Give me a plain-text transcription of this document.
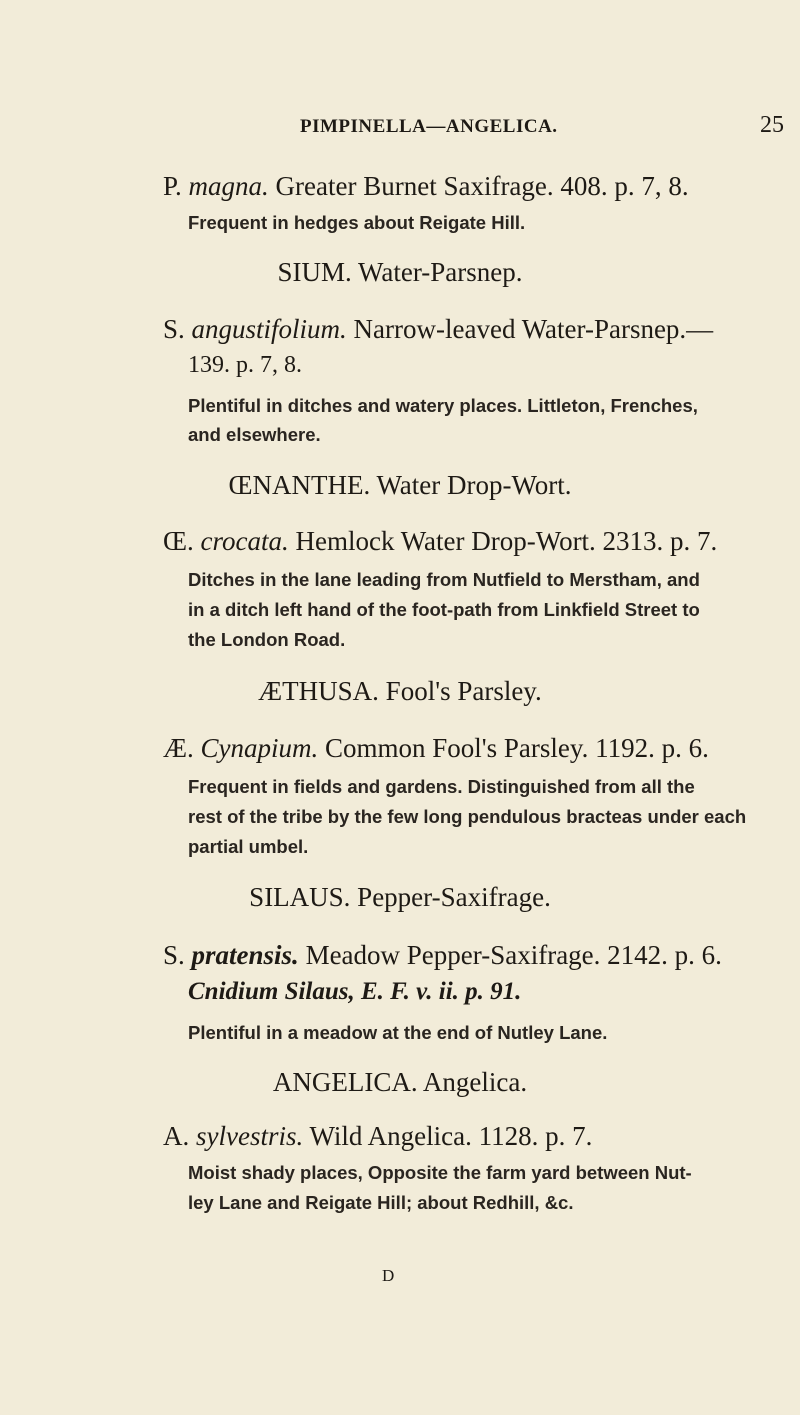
PIMPINELLA—ANGELICA.	25
P. magna. Greater Burnet Saxifrage. 408. p. 7, 8.
Frequent in hedges about Reigate Hill.
SIUM. Water-Parsnep.
S. angustifolium. Narrow-leaved Water-Parsnep.—
139. p. 7, 8.
Plentiful in ditches and watery places. Littleton, Frenches,
and elsewhere.
ŒNANTHE. Water Drop-Wort.
Œ. crocata. Hemlock Water Drop-Wort. 2313. p. 7.
Ditches in the lane leading from Nutfield to Merstham, and
in a ditch left hand of the foot-path from Linkfield Street to
the London Road.
ÆTHUSA. Fool's Parsley.
Æ. Cynapium. Common Fool's Parsley. 1192. p. 6.
Frequent in fields and gardens. Distinguished from all the
rest of the tribe by the few long pendulous bracteas under each
partial umbel.
SILAUS. Pepper-Saxifrage.
S. pratensis. Meadow Pepper-Saxifrage. 2142. p. 6.
Cnidium Silaus, E. F. v. ii. p. 91.
Plentiful in a meadow at the end of Nutley Lane.
ANGELICA. Angelica.
A. sylvestris. Wild Angelica. 1128. p. 7.
Moist shady places, Opposite the farm yard between Nut-
ley Lane and Reigate Hill; about Redhill, &c.
D
